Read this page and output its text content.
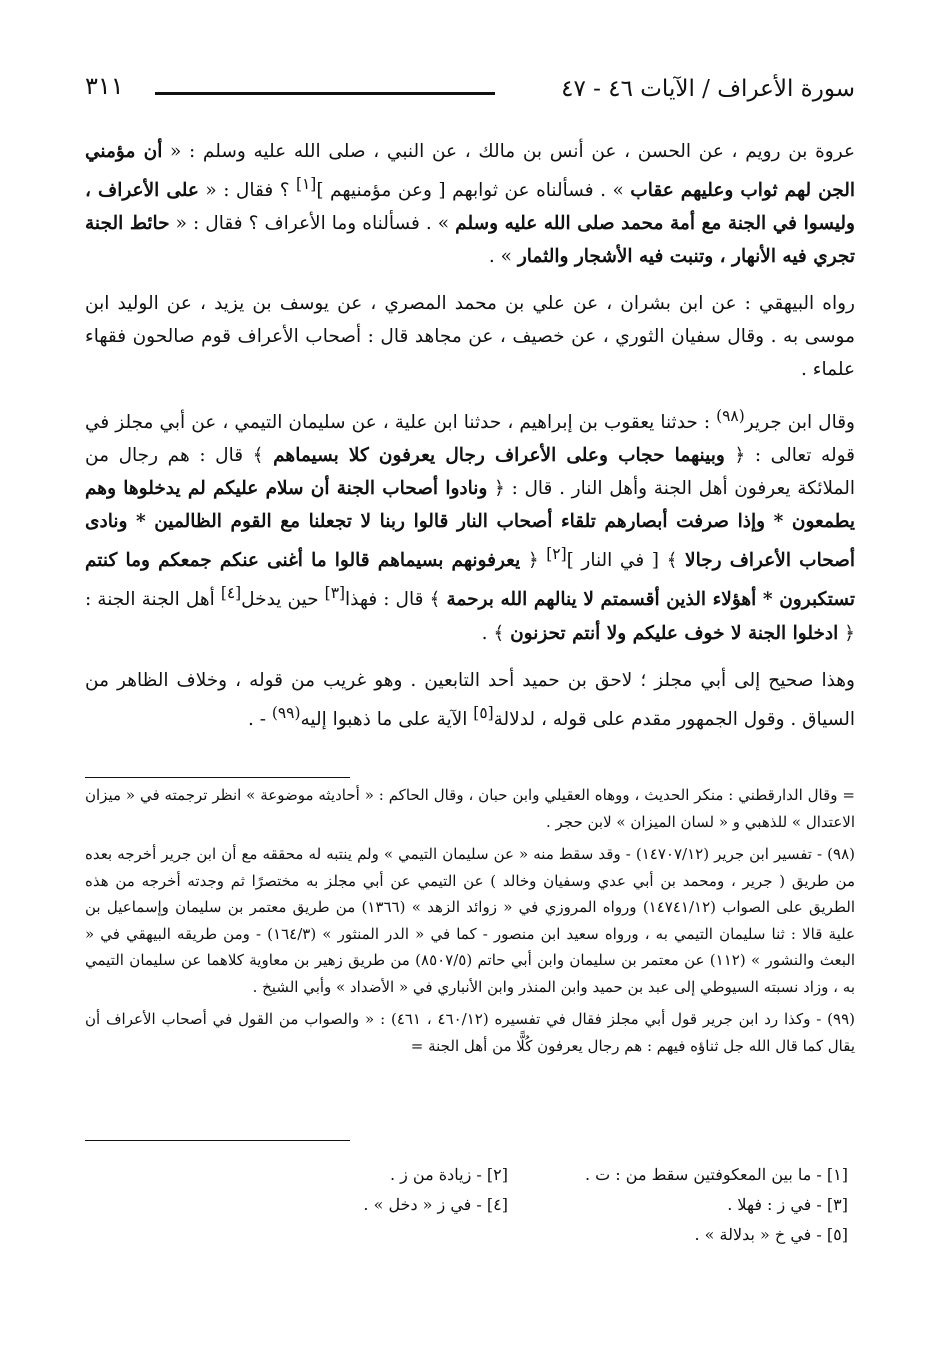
٣١١	سورة الأعراف / الآيات ٤٦ - ٤٧

عروة بن رويم ، عن الحسن ، عن أنس بن مالك ، عن النبي ، صلى الله عليه وسلم : « أن مؤمني الجن لهم ثواب وعليهم عقاب » . فسألناه عن ثوابهم [ وعن مؤمنيهم ][١] ؟ فقال : « على الأعراف ، وليسوا في الجنة مع أمة محمد صلى الله عليه وسلم » . فسألناه وما الأعراف ؟ فقال : « حائط الجنة تجري فيه الأنهار ، وتنبت فيه الأشجار والثمار » .

رواه البيهقي : عن ابن بشران ، عن علي بن محمد المصري ، عن يوسف بن يزيد ، عن الوليد ابن موسى به . وقال سفيان الثوري ، عن خصيف ، عن مجاهد قال : أصحاب الأعراف قوم صالحون فقهاء علماء .

وقال ابن جرير$^{(٩٨)}$ : حدثنا يعقوب بن إبراهيم ، حدثنا ابن علية ، عن سليمان التيمي ، عن أبي مجلز في قوله تعالى : ﴿ وبينهما حجاب وعلى الأعراف رجال يعرفون كلا بسيماهم ﴾ قال : هم رجال من الملائكة يعرفون أهل الجنة وأهل النار . قال : ﴿ ونادوا أصحاب الجنة أن سلام عليكم لم يدخلوها وهم يطمعون * وإذا صرفت أبصارهم تلقاء أصحاب النار قالوا ربنا لا تجعلنا مع القوم الظالمين * ونادى أصحاب الأعراف رجالا ﴾ [ في النار ][٢] ﴿ يعرفونهم بسيماهم قالوا ما أغنى عنكم جمعكم وما كنتم تستكبرون * أهؤلاء الذين أقسمتم لا ينالهم الله برحمة ﴾ قال : فهذا[٣] حين يدخل[٤] أهل الجنة الجنة : ﴿ ادخلوا الجنة لا خوف عليكم ولا أنتم تحزنون ﴾ .

وهذا صحيح إلى أبي مجلز ؛ لاحق بن حميد أحد التابعين . وهو غريب من قوله ، وخلاف الظاهر من السياق . وقول الجمهور مقدم على قوله ، لدلالة[٥] الآية على ما ذهبوا إليه$^{(٩٩)}$ - .

= وقال الدارقطني : منكر الحديث ، ووهاه العقيلي وابن حبان ، وقال الحاكم : « أحاديثه موضوعة » انظر ترجمته في « ميزان الاعتدال » للذهبي و « لسان الميزان » لابن حجر .

(٩٨) - تفسير ابن جرير (١٤٧٠٧/١٢) - وقد سقط منه « عن سليمان التيمي » ولم ينتبه له محققه مع أن ابن جرير أخرجه بعده من طريق ( جرير ، ومحمد بن أبي عدي وسفيان وخالد ) عن التيمي عن أبي مجلز به مختصرًا ثم وجدته أخرجه من هذه الطريق على الصواب (١٤٧٤١/١٢) ورواه المروزي في « زوائد الزهد » (١٣٦٦) من طريق معتمر بن سليمان وإسماعيل بن علية قالا : ثنا سليمان التيمي به ، ورواه سعيد ابن منصور - كما في « الدر المنثور » (١٦٤/٣) - ومن طريقه البيهقي في « البعث والنشور » (١١٢) عن معتمر بن سليمان وابن أبي حاتم (٨٥٠٧/٥) من طريق زهير بن معاوية كلاهما عن سليمان التيمي به ، وزاد نسبته السيوطي إلى عبد بن حميد وابن المنذر وابن الأنباري في « الأضداد » وأبي الشيخ .

(٩٩) - وكذا رد ابن جرير قول أبي مجلز فقال في تفسيره (٤٦٠/١٢ ، ٤٦١) : « والصواب من القول في أصحاب الأعراف أن يقال كما قال الله جل ثناؤه فيهم : هم رجال يعرفون كُلًّا من أهل الجنة =

[١] - ما بين المعكوفتين سقط من : ت .
[٢] - زيادة من ز .
[٣] - في ز : فهلا .
[٤] - في ز « دخل » .
[٥] - في خ « بدلالة » .
